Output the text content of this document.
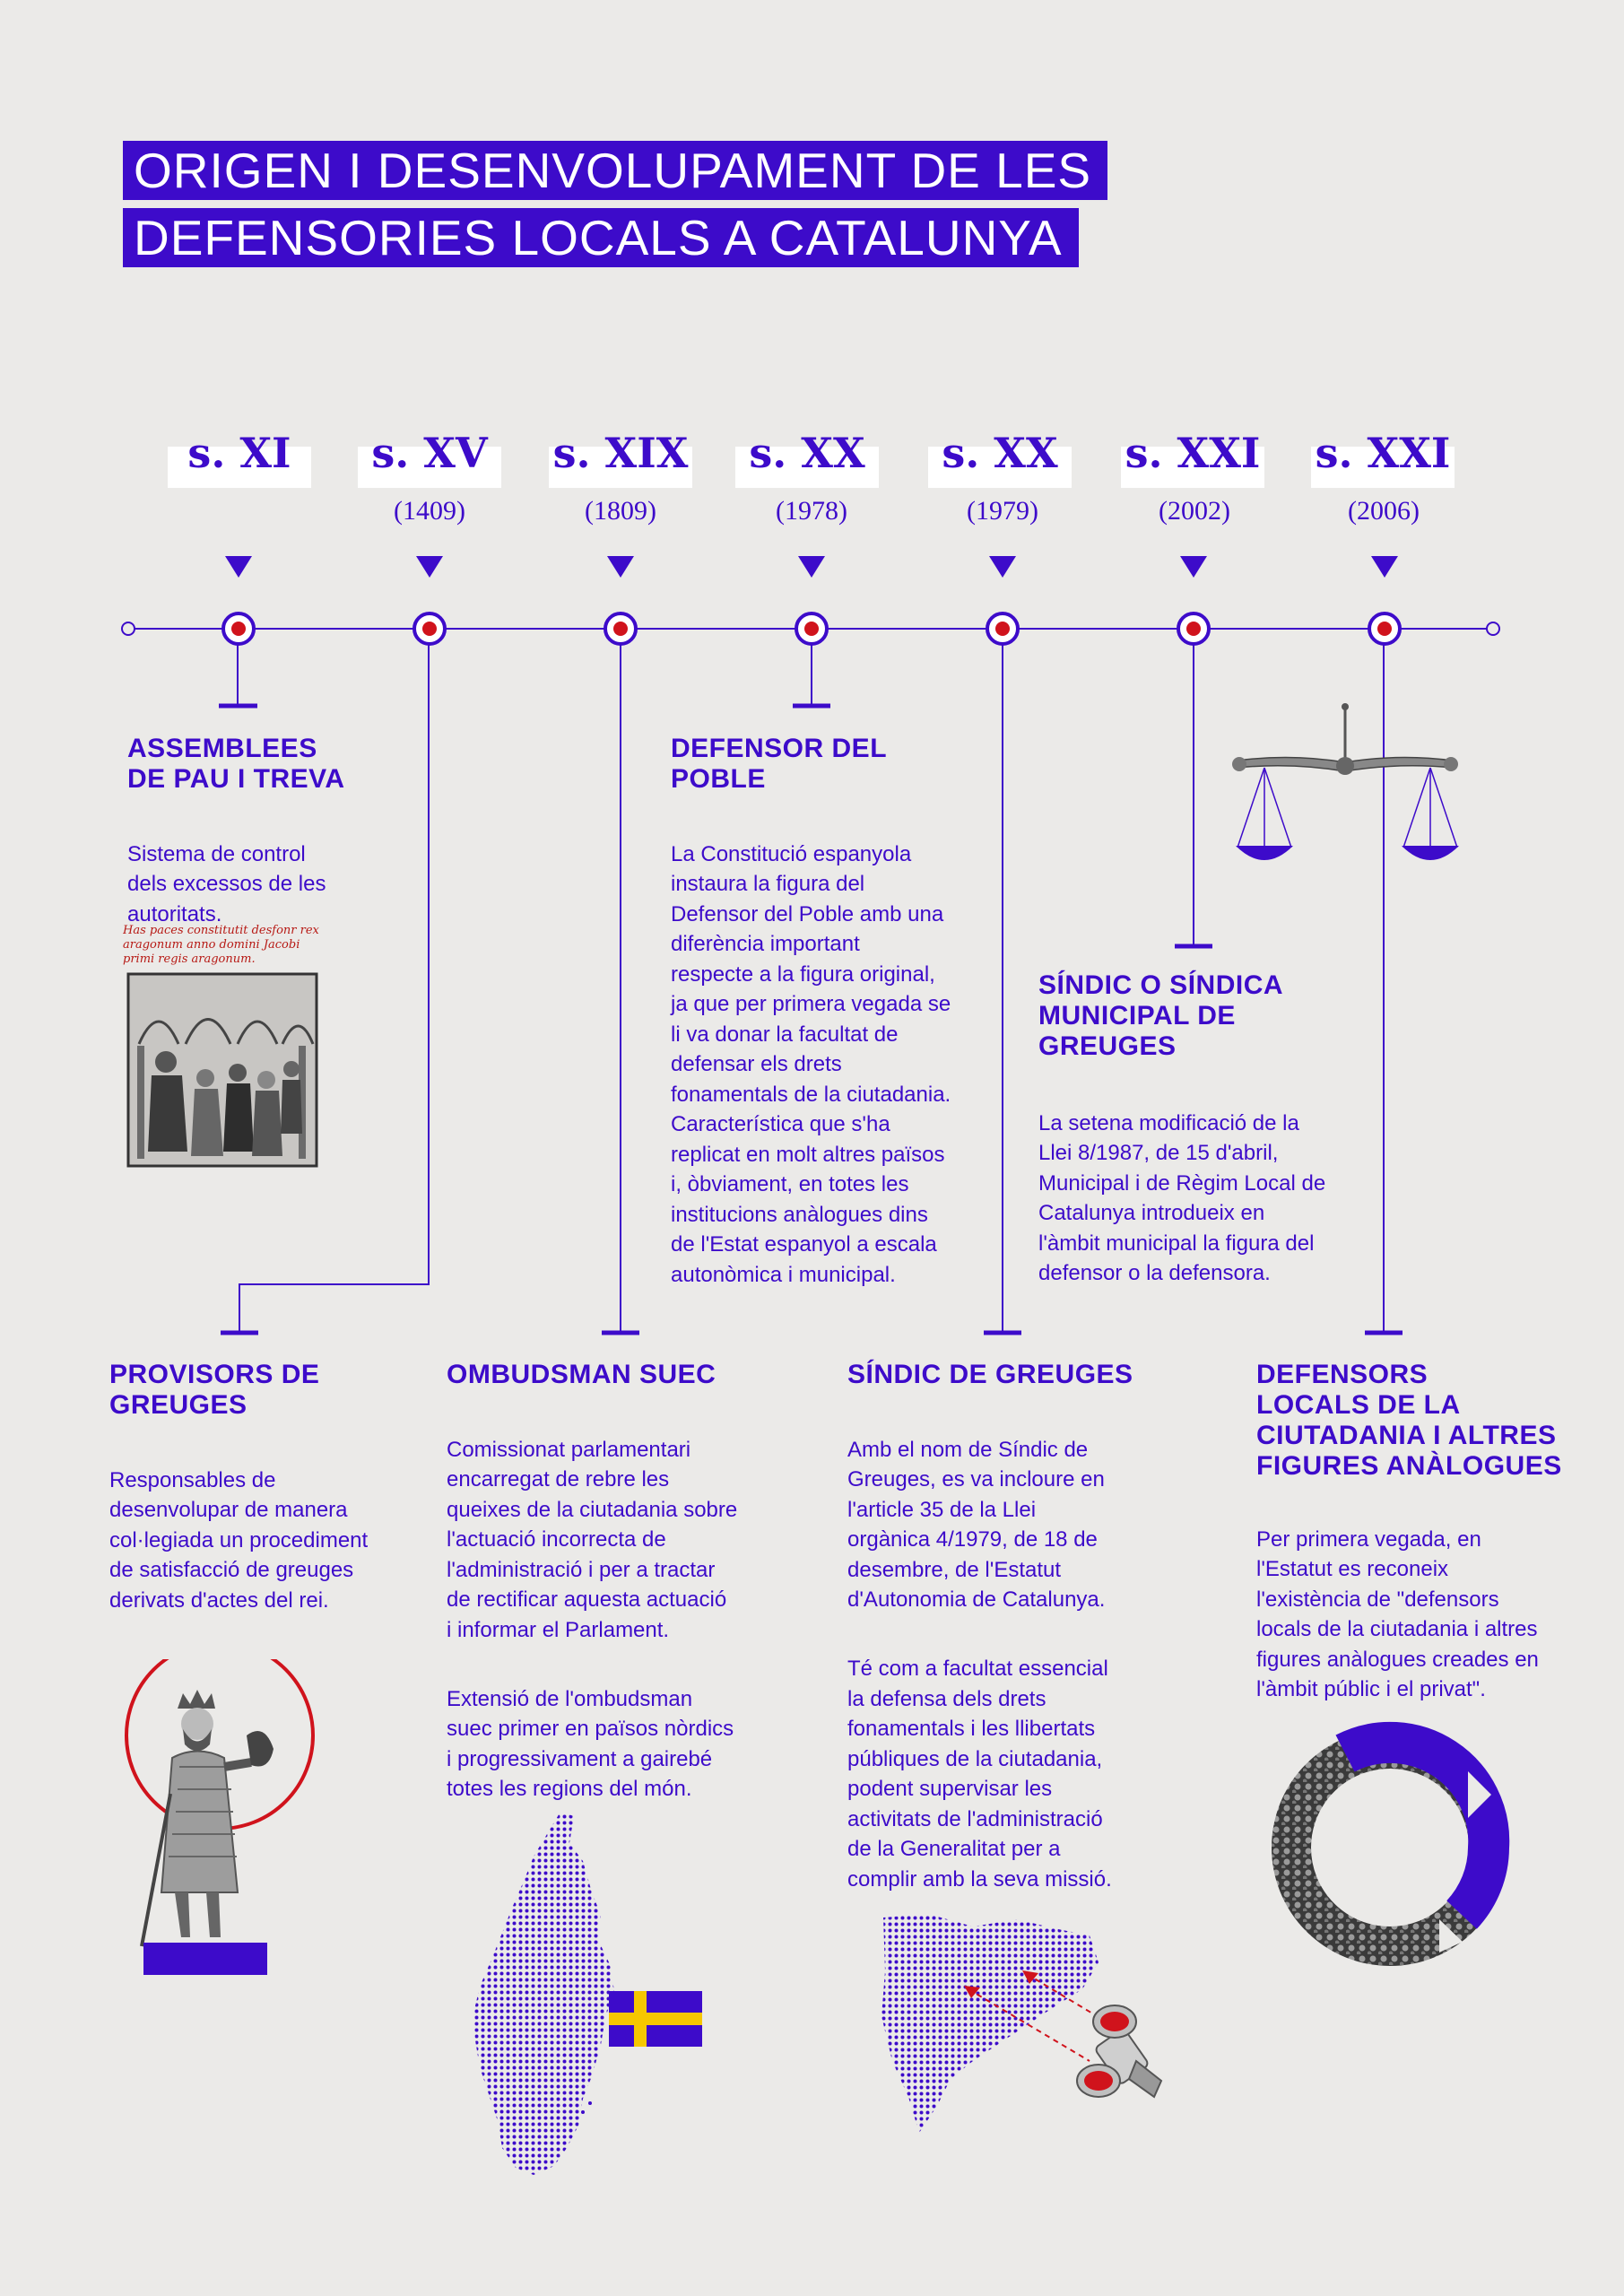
ORIGEN I DESENVOLUPAMENT DE LES
DEFENSORIES LOCALS A CATALUNYA
s. XI	s. XV
(1409)
s. XIX
(1809)
s. XX
(1978)
s. XX
(1979)
s. XXI
(2002)
s. XXI
(2006)
ASSEMBLEES
DE PAU I TREVA

Sistema de control
dels excessos de les
autoritats.

Has paces constitutit desfonr rex aragonum anno domini Jacobi primi regis aragonum.
DEFENSOR DEL
POBLE

La Constitució espanyola
instaura la figura del
Defensor del Poble amb una
diferència important
respecte a la figura original,
ja que per primera vegada se
li va donar la facultat de
defensar els drets
fonamentals de la ciutadania.
Característica que s'ha
replicat en molt altres països
i, òbviament, en totes les
institucions anàlogues dins
de l'Estat espanyol a escala
autonòmica i municipal.

SÍNDIC O SÍNDICA
MUNICIPAL DE
GREUGES

La setena modificació de la
Llei 8/1987, de 15 d'abril,
Municipal i de Règim Local de
Catalunya introdueix en
l'àmbit municipal la figura del
defensor o la defensora.

PROVISORS DE
GREUGES

Responsables de
desenvolupar de manera
col·legiada un procediment
de satisfacció de greuges
derivats d'actes del rei.

OMBUDSMAN SUEC

Comissionat parlamentari
encarregat de rebre les
queixes de la ciutadania sobre
l'actuació incorrecta de
l'administració i per a tractar
de rectificar aquesta actuació
i informar el Parlament.

Extensió de l'ombudsman
suec primer en països nòrdics
i progressivament a gairebé
totes les regions del món.

SÍNDIC DE GREUGES

Amb el nom de Síndic de
Greuges, es va incloure en
l'article 35 de la Llei
orgànica 4/1979, de 18 de
desembre, de l'Estatut
d'Autonomia de Catalunya.

Té com a facultat essencial
la defensa dels drets
fonamentals i les llibertats
públiques de la ciutadania,
podent supervisar les
activitats de l'administració
de la Generalitat per a
complir amb la seva missió.

DEFENSORS
LOCALS DE LA
CIUTADANIA I ALTRES
FIGURES ANÀLOGUES

Per primera vegada, en
l'Estatut es reconeix
l'existència de "defensors
locals de la ciutadania i altres
figures anàlogues creades en
l'àmbit públic i el privat".
